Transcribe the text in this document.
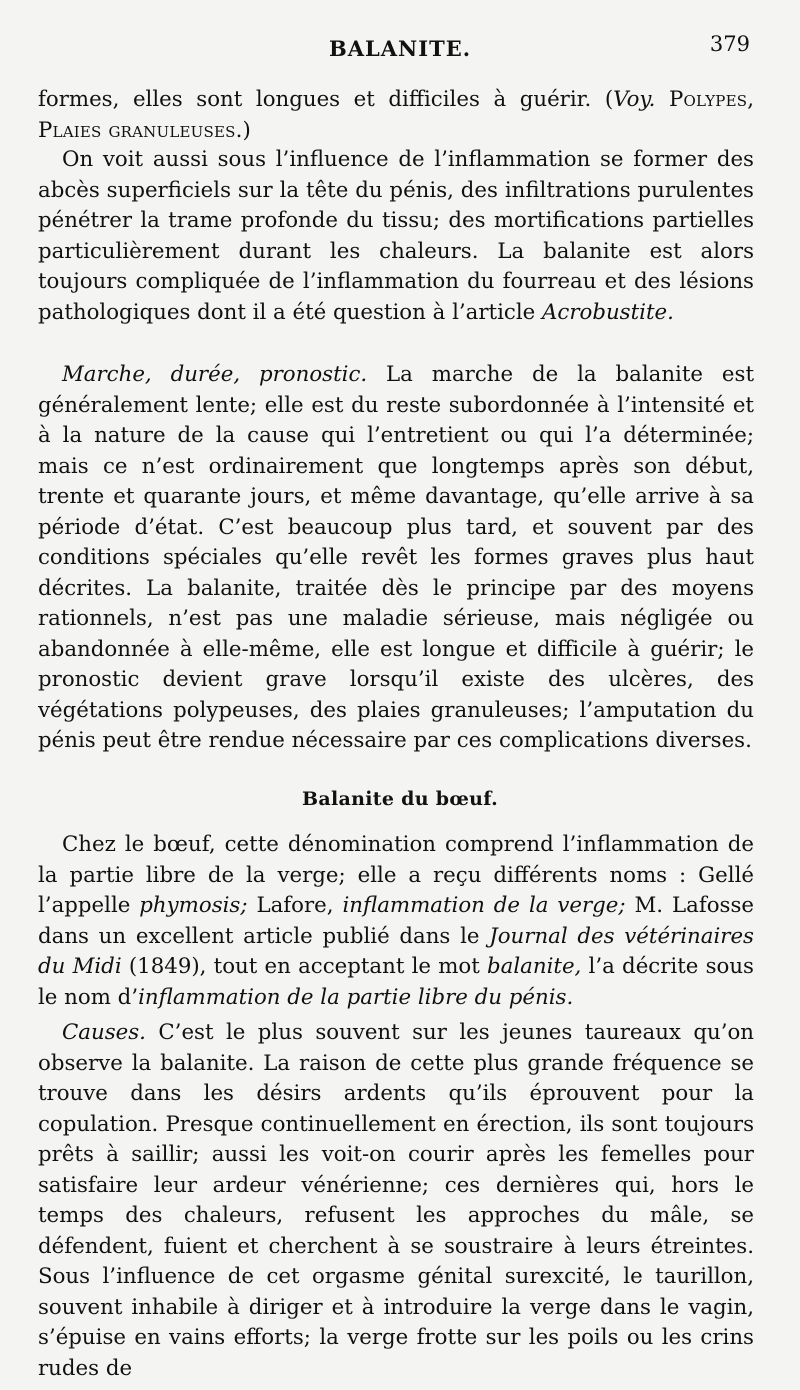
BALANITE.	379

formes, elles sont longues et difficiles à guérir. (Voy. Polypes, Plaies granuleuses.)

On voit aussi sous l’influence de l’inflammation se former des abcès superficiels sur la tête du pénis, des infiltrations purulentes pénétrer la trame profonde du tissu; des mortifications partielles particulièrement durant les chaleurs. La balanite est alors toujours compliquée de l’inflammation du fourreau et des lésions pathologiques dont il a été question à l’article Acrobustite.

Marche, durée, pronostic. La marche de la balanite est généralement lente; elle est du reste subordonnée à l’intensité et à la nature de la cause qui l’entretient ou qui l’a déterminée; mais ce n’est ordinairement que longtemps après son début, trente et quarante jours, et même davantage, qu’elle arrive à sa période d’état. C’est beaucoup plus tard, et souvent par des conditions spéciales qu’elle revêt les formes graves plus haut décrites. La balanite, traitée dès le principe par des moyens rationnels, n’est pas une maladie sérieuse, mais négligée ou abandonnée à elle-même, elle est longue et difficile à guérir; le pronostic devient grave lorsqu’il existe des ulcères, des végétations polypeuses, des plaies granuleuses; l’amputation du pénis peut être rendue nécessaire par ces complications diverses.

Balanite du bœuf.

Chez le bœuf, cette dénomination comprend l’inflammation de la partie libre de la verge; elle a reçu différents noms : Gellé l’appelle phymosis; Lafore, inflammation de la verge; M. Lafosse dans un excellent article publié dans le Journal des vétérinaires du Midi (1849), tout en acceptant le mot balanite, l’a décrite sous le nom d’inflammation de la partie libre du pénis.

Causes. C’est le plus souvent sur les jeunes taureaux qu’on observe la balanite. La raison de cette plus grande fréquence se trouve dans les désirs ardents qu’ils éprouvent pour la copulation. Presque continuellement en érection, ils sont toujours prêts à saillir; aussi les voit-on courir après les femelles pour satisfaire leur ardeur vénérienne; ces dernières qui, hors le temps des chaleurs, refusent les approches du mâle, se défendent, fuient et cherchent à se soustraire à leurs étreintes. Sous l’influence de cet orgasme génital surexcité, le taurillon, souvent inhabile à diriger et à introduire la verge dans le vagin, s’épuise en vains efforts; la verge frotte sur les poils ou les crins rudes de
